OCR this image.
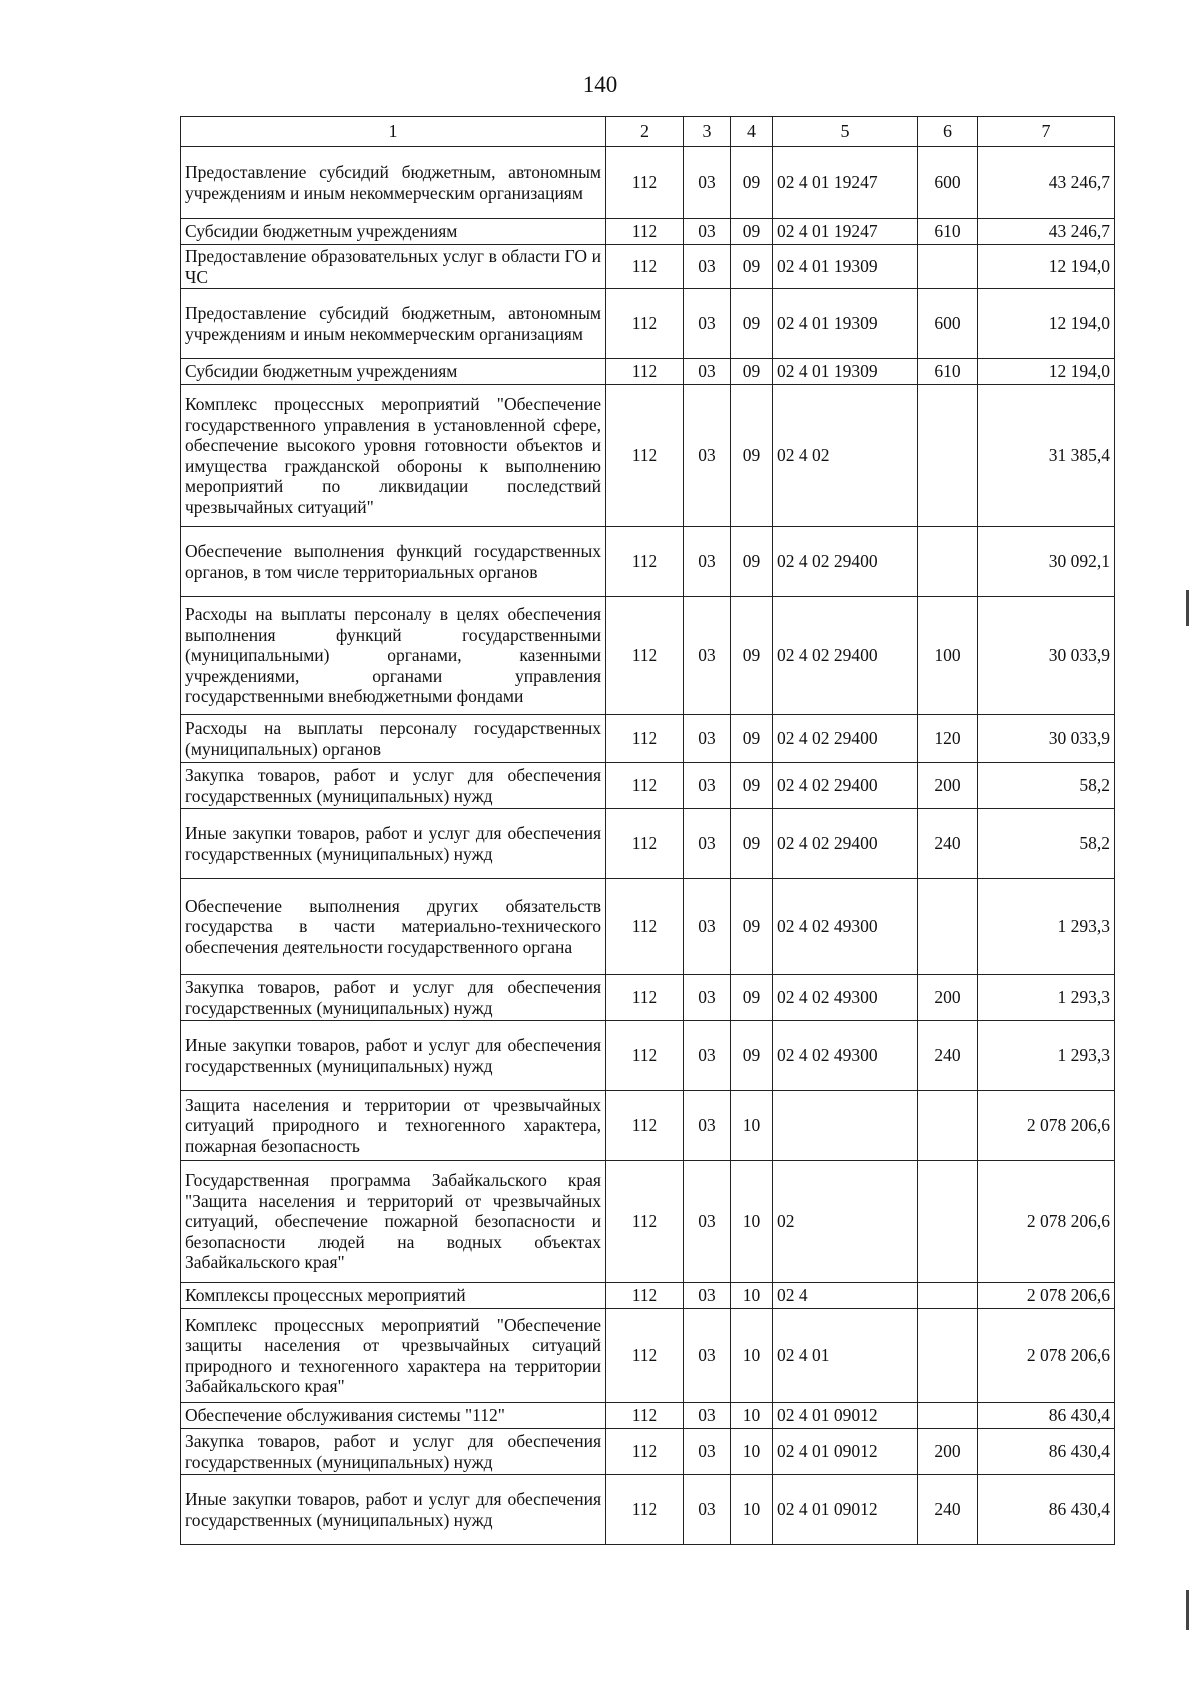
140
1	2	3	4	5	6	7
Предоставление субсидий бюджетным, автономным учреждениям и иным некоммерческим организациям	112	03	09	02 4 01 19247	600	43 246,7
Субсидии бюджетным учреждениям	112	03	09	02 4 01 19247	610	43 246,7
Предоставление образовательных услуг в области ГО и ЧС	112	03	09	02 4 01 19309		12 194,0
Предоставление субсидий бюджетным, автономным учреждениям и иным некоммерческим организациям	112	03	09	02 4 01 19309	600	12 194,0
Субсидии бюджетным учреждениям	112	03	09	02 4 01 19309	610	12 194,0
Комплекс процессных мероприятий "Обеспечение государственного управления в установленной сфере, обеспечение высокого уровня готовности объектов и имущества гражданской обороны к выполнению мероприятий по ликвидации последствий чрезвычайных ситуаций"	112	03	09	02 4 02		31 385,4
Обеспечение выполнения функций государственных органов, в том числе территориальных органов	112	03	09	02 4 02 29400		30 092,1
Расходы на выплаты персоналу в целях обеспечения выполнения функций государственными (муниципальными) органами, казенными учреждениями, органами управления государственными внебюджетными фондами	112	03	09	02 4 02 29400	100	30 033,9
Расходы на выплаты персоналу государственных (муниципальных) органов	112	03	09	02 4 02 29400	120	30 033,9
Закупка товаров, работ и услуг для обеспечения государственных (муниципальных) нужд	112	03	09	02 4 02 29400	200	58,2
Иные закупки товаров, работ и услуг для обеспечения государственных (муниципальных) нужд	112	03	09	02 4 02 29400	240	58,2
Обеспечение выполнения других обязательств государства в части материально-технического обеспечения деятельности государственного органа	112	03	09	02 4 02 49300		1 293,3
Закупка товаров, работ и услуг для обеспечения государственных (муниципальных) нужд	112	03	09	02 4 02 49300	200	1 293,3
Иные закупки товаров, работ и услуг для обеспечения государственных (муниципальных) нужд	112	03	09	02 4 02 49300	240	1 293,3
Защита населения и территории от чрезвычайных ситуаций природного и техногенного характера, пожарная безопасность	112	03	10			2 078 206,6
Государственная программа Забайкальского края "Защита населения и территорий от чрезвычайных ситуаций, обеспечение пожарной безопасности и безопасности людей на водных объектах Забайкальского края"	112	03	10	02		2 078 206,6
Комплексы процессных мероприятий	112	03	10	02 4		2 078 206,6
Комплекс процессных мероприятий "Обеспечение защиты населения от чрезвычайных ситуаций природного и техногенного характера на территории Забайкальского края"	112	03	10	02 4 01		2 078 206,6
Обеспечение обслуживания системы "112"	112	03	10	02 4 01 09012		86 430,4
Закупка товаров, работ и услуг для обеспечения государственных (муниципальных) нужд	112	03	10	02 4 01 09012	200	86 430,4
Иные закупки товаров, работ и услуг для обеспечения государственных (муниципальных) нужд	112	03	10	02 4 01 09012	240	86 430,4
